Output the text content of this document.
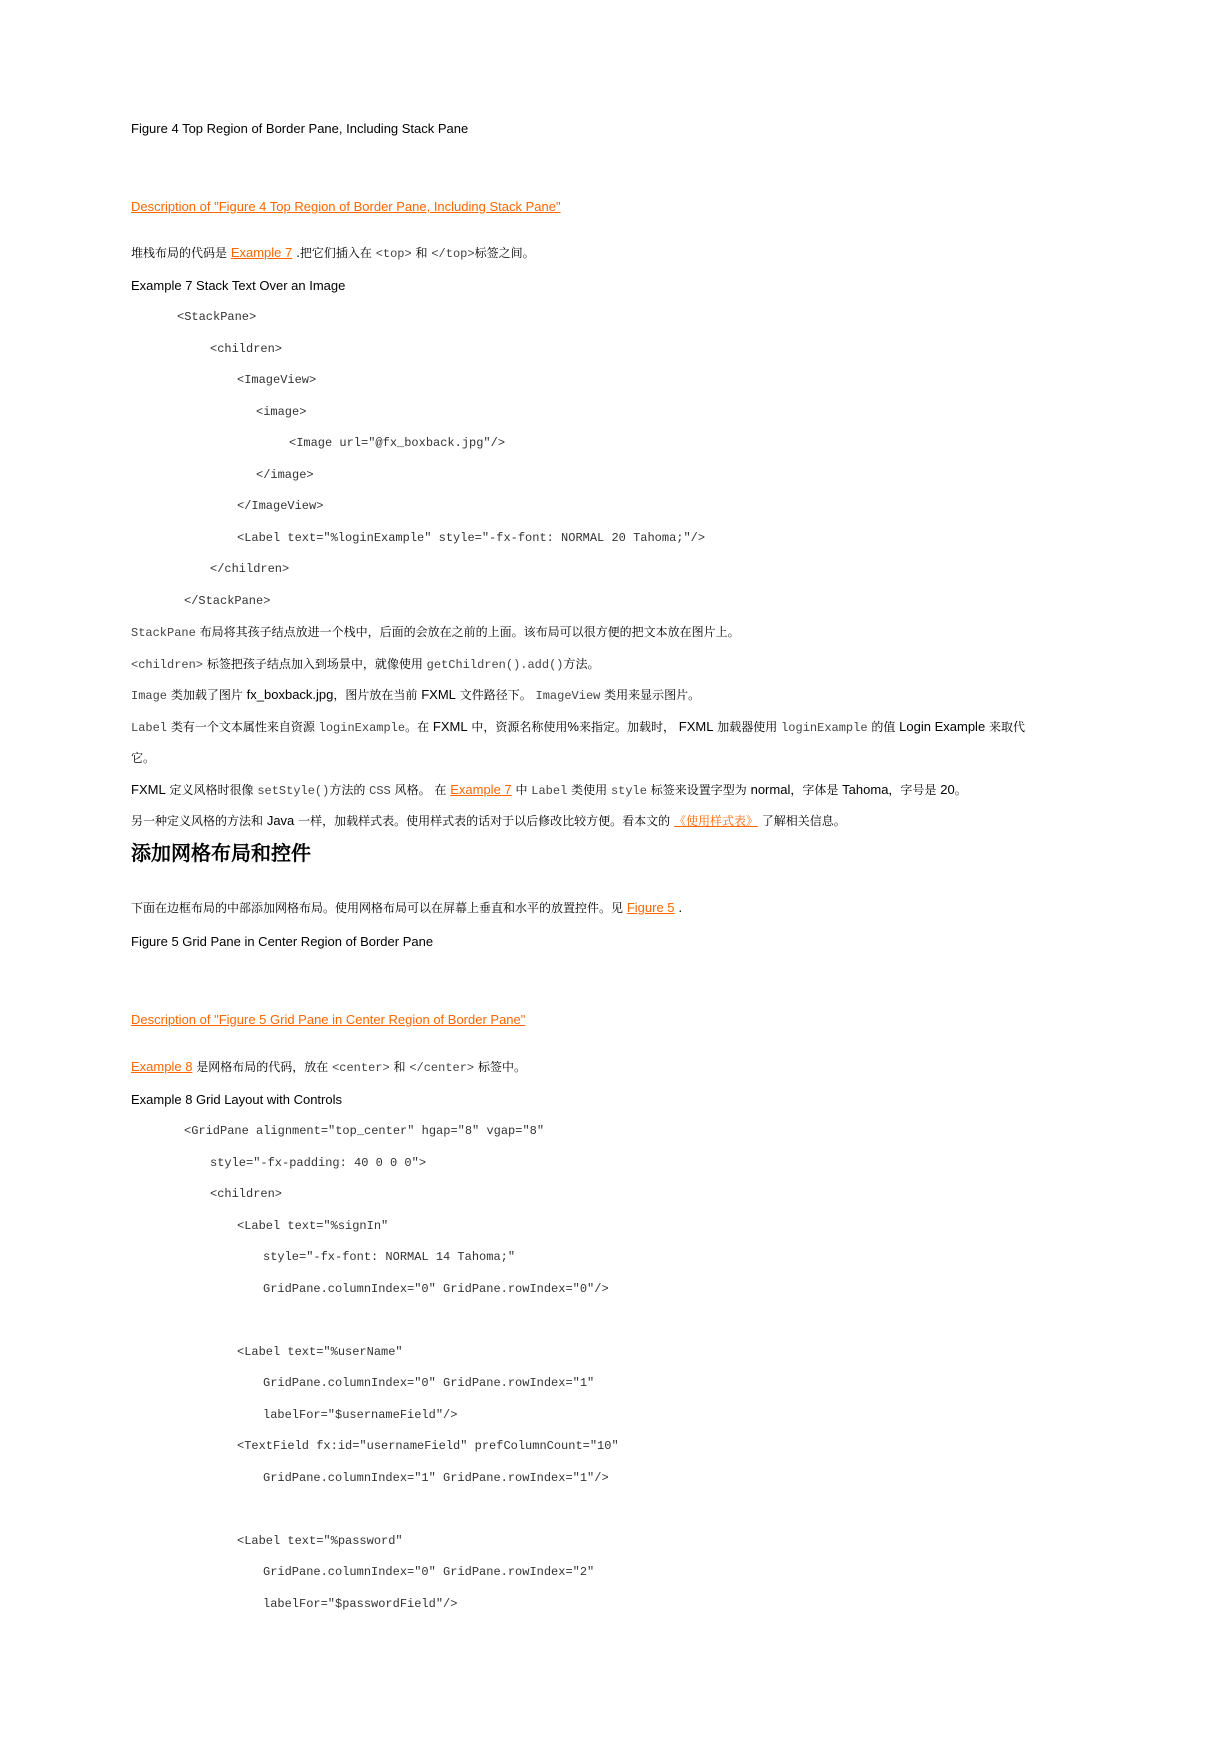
Figure 4 Top Region of Border Pane, Including Stack Pane
Description of "Figure 4 Top Region of Border Pane, Including Stack Pane"
堆栈布局的代码是 Example 7 .把它们插入在 <top> 和 </top>标签之间。
Example 7 Stack Text Over an Image
<StackPane>
<children>
<ImageView>
<image>
<Image url="@fx_boxback.jpg"/>
</image>
</ImageView>
<Label text="%loginExample" style="-fx-font: NORMAL 20 Tahoma;"/>
</children>
</StackPane>
StackPane 布局将其孩子结点放进一个栈中，后面的会放在之前的上面。该布局可以很方便的把文本放在图片上。
<children> 标签把孩子结点加入到场景中，就像使用 getChildren().add()方法。
Image 类加载了图片 fx_boxback.jpg，图片放在当前 FXML 文件路径下。 ImageView 类用来显示图片。
Label 类有一个文本属性来自资源 loginExample。在 FXML 中，资源名称使用%来指定。加载时， FXML 加载器使用 loginExample 的值 Login Example 来取代
它。
FXML 定义风格时很像 setStyle()方法的 CSS 风格。 在 Example 7 中 Label 类使用 style 标签来设置字型为 normal，字体是 Tahoma，字号是 20。
另一种定义风格的方法和 Java 一样，加载样式表。使用样式表的话对于以后修改比较方便。看本文的 《使用样式表》 了解相关信息。
添加网格布局和控件
下面在边框布局的中部添加网格布局。使用网格布局可以在屏幕上垂直和水平的放置控件。见 Figure 5 .
Figure 5 Grid Pane in Center Region of Border Pane
Description of "Figure 5 Grid Pane in Center Region of Border Pane"
Example 8 是网格布局的代码，放在 <center> 和 </center> 标签中。
Example 8 Grid Layout with Controls
<GridPane alignment="top_center" hgap="8" vgap="8"
style="-fx-padding: 40 0 0 0">
<children>
<Label text="%signIn"
style="-fx-font: NORMAL 14 Tahoma;"
GridPane.columnIndex="0" GridPane.rowIndex="0"/>
<Label text="%userName"
GridPane.columnIndex="0" GridPane.rowIndex="1"
labelFor="$usernameField"/>
<TextField fx:id="usernameField" prefColumnCount="10"
GridPane.columnIndex="1" GridPane.rowIndex="1"/>
<Label text="%password"
GridPane.columnIndex="0" GridPane.rowIndex="2"
labelFor="$passwordField"/>
